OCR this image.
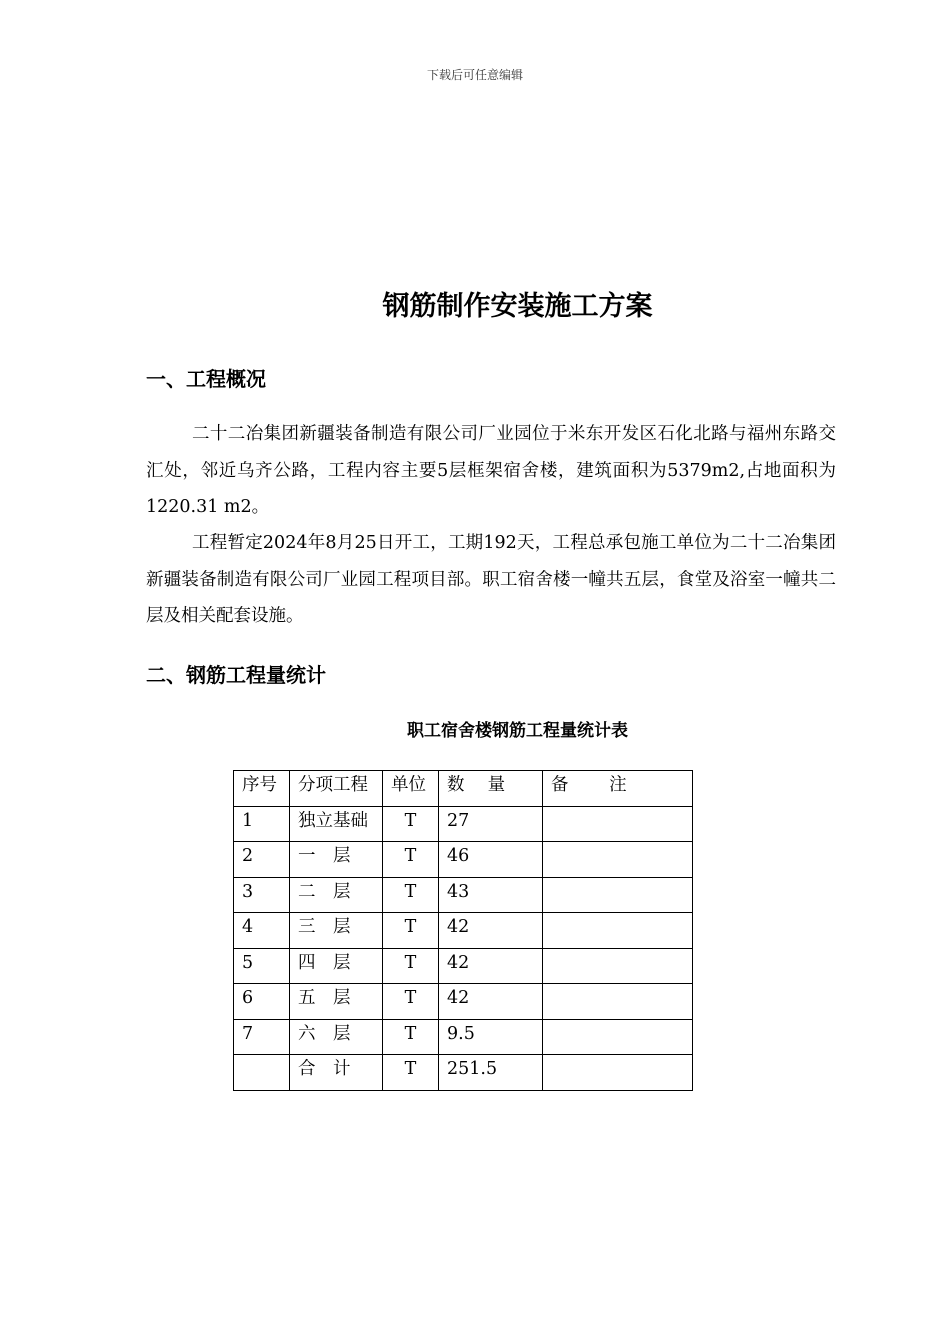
下载后可任意编辑
钢筋制作安装施工方案
一、工程概况
二十二冶集团新疆装备制造有限公司厂业园位于米东开发区石化北路与福州东路交汇处，邻近乌齐公路，工程内容主要5层框架宿舍楼，建筑面积为5379m2,占地面积为1220.31 m2。
工程暂定2024年8月25日开工，工期192天，工程总承包施工单位为二十二冶集团新疆装备制造有限公司厂业园工程项目部。职工宿舍楼一幢共五层，食堂及浴室一幢共二层及相关配套设施。
二、钢筋工程量统计
职工宿舍楼钢筋工程量统计表
序号	分项工程	单位	数　 量	备　　 注
1	独立基础	T	27	
2	一　层	T	46	
3	二　层	T	43	
4	三　层	T	42	
5	四　层	T	42	
6	五　层	T	42	
7	六　层	T	9.5	
	合　计	T	251.5	
